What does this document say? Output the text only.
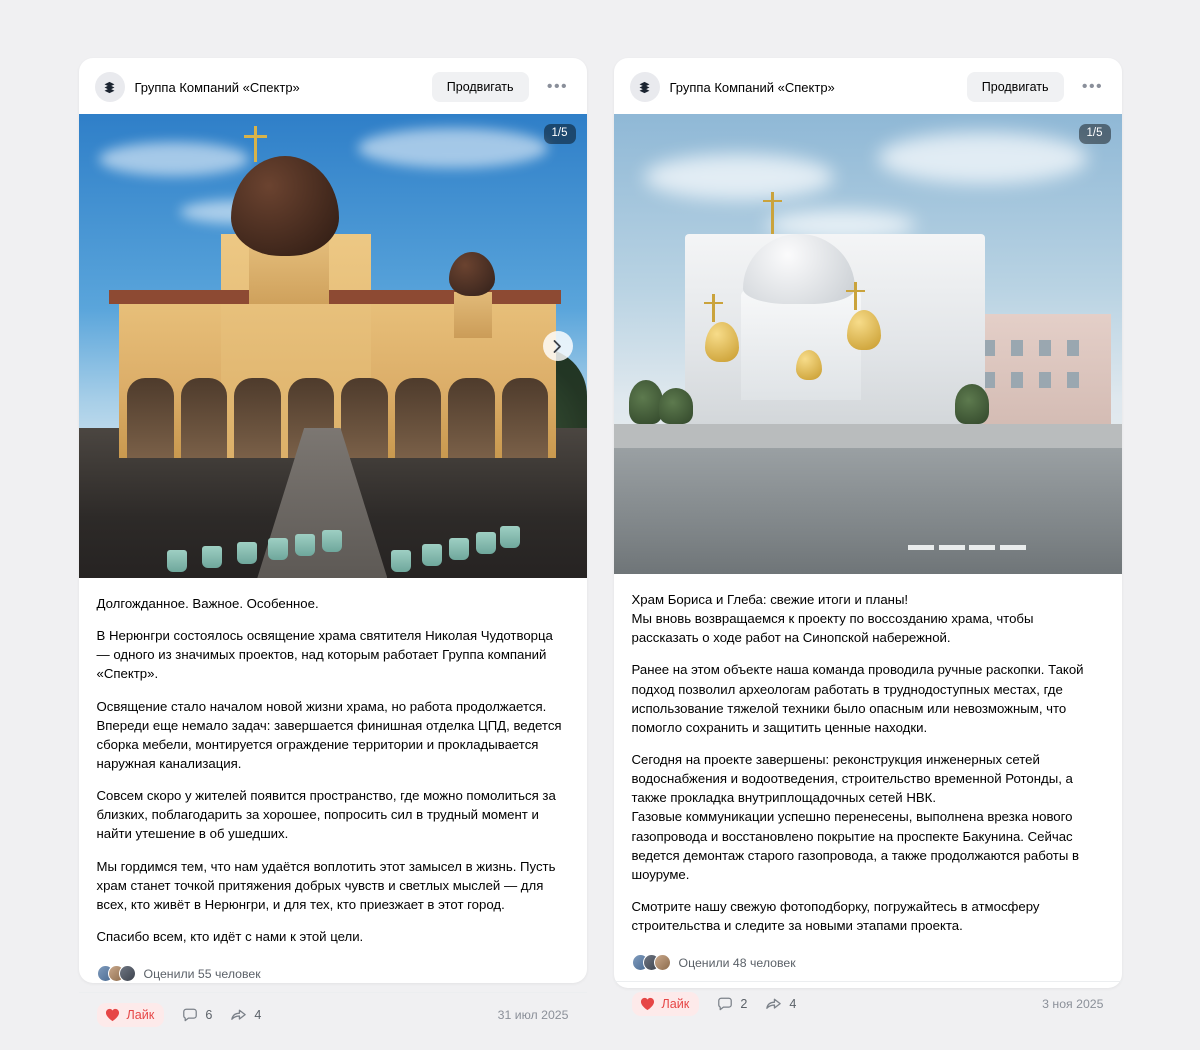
Группа Компаний «Спектр»	Продвигать	•••
1/5

Долгожданное. Важное. Особенное.

В Нерюнгри состоялось освящение храма святителя Николая Чудотворца — одного из значимых проектов, над которым работает Группа компаний «Спектр».

Освящение стало началом новой жизни храма, но работа продолжается. Впереди еще немало задач: завершается финишная отделка ЦПД, ведется сборка мебели, монтируется ограждение территории и прокладывается наружная канализация.

Совсем скоро у жителей появится пространство, где можно помолиться за близких, поблагодарить за хорошее, попросить сил в трудный момент и найти утешение в об ушедших.

Мы гордимся тем, что нам удаётся воплотить этот замысел в жизнь. Пусть храм станет точкой притяжения добрых чувств и светлых мыслей — для всех, кто живёт в Нерюнгри, и для тех, кто приезжает в этот город.

Спасибо всем, кто идёт с нами к этой цели.

Оценили 55 человек
Лайк	6	4	31 июл 2025
Группа Компаний «Спектр»	Продвигать	•••
1/5

Храм Бориса и Глеба: свежие итоги и планы!

Мы вновь возвращаемся к проекту по воссозданию храма, чтобы рассказать о ходе работ на Синопской набережной.

Ранее на этом объекте наша команда проводила ручные раскопки. Такой подход позволил археологам работать в труднодоступных местах, где использование тяжелой техники было опасным или невозможным, что помогло сохранить и защитить ценные находки.

Сегодня на проекте завершены: реконструкция инженерных сетей водоснабжения и водоотведения, строительство временной Ротонды, а также прокладка внутриплощадочных сетей НВК.

Газовые коммуникации успешно перенесены, выполнена врезка нового газопровода и восстановлено покрытие на проспекте Бакунина. Сейчас ведется демонтаж старого газопровода, а также продолжаются работы в шоуруме.

Смотрите нашу свежую фотоподборку, погружайтесь в атмосферу строительства и следите за новыми этапами проекта.

Оценили 48 человек
Лайк	2	4	3 ноя 2025
